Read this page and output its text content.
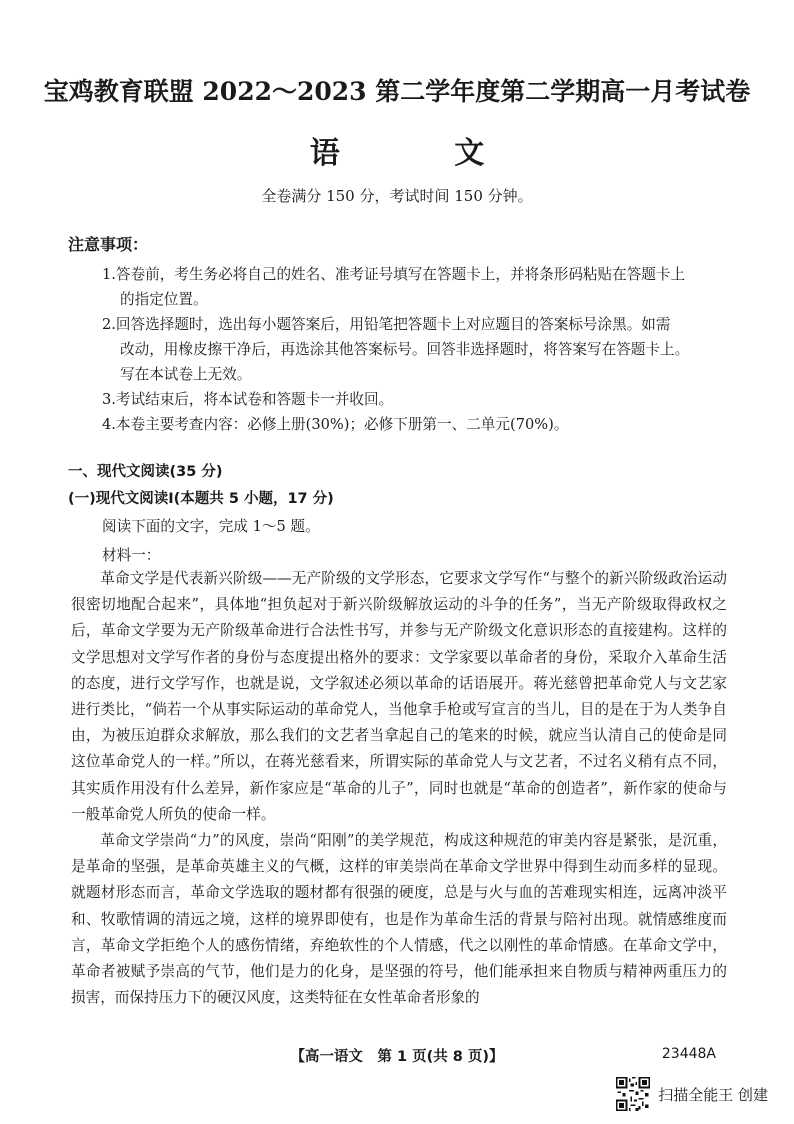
宝鸡教育联盟 2022～2023 第二学年度第二学期高一月考试卷
语 文
全卷满分 150 分，考试时间 150 分钟。
注意事项：
1.答卷前，考生务必将自己的姓名、准考证号填写在答题卡上，并将条形码粘贴在答题卡上
的指定位置。
2.回答选择题时，选出每小题答案后，用铅笔把答题卡上对应题目的答案标号涂黑。如需
改动，用橡皮擦干净后，再选涂其他答案标号。回答非选择题时，将答案写在答题卡上。
写在本试卷上无效。
3.考试结束后，将本试卷和答题卡一并收回。
4.本卷主要考查内容：必修上册(30%)；必修下册第一、二单元(70%)。
一、现代文阅读(35 分)
(一)现代文阅读Ⅰ(本题共 5 小题，17 分)
阅读下面的文字，完成 1～5 题。
材料一：

革命文学是代表新兴阶级——无产阶级的文学形态，它要求文学写作“与整个的新兴阶级政治运动很密切地配合起来”，具体地“担负起对于新兴阶级解放运动的斗争的任务”，当无产阶级取得政权之后，革命文学要为无产阶级革命进行合法性书写，并参与无产阶级文化意识形态的直接建构。这样的文学思想对文学写作者的身份与态度提出格外的要求：文学家要以革命者的身份，采取介入革命生活的态度，进行文学写作，也就是说，文学叙述必须以革命的话语展开。蒋光慈曾把革命党人与文艺家进行类比，“倘若一个从事实际运动的革命党人，当他拿手枪或写宣言的当儿，目的是在于为人类争自由，为被压迫群众求解放，那么我们的文艺者当拿起自己的笔来的时候，就应当认清自己的使命是同这位革命党人的一样。”所以，在蒋光慈看来，所谓实际的革命党人与文艺者，不过名义稍有点不同，其实质作用没有什么差异，新作家应是“革命的儿子”，同时也就是“革命的创造者”，新作家的使命与一般革命党人所负的使命一样。

革命文学崇尚“力”的风度，崇尚“阳刚”的美学规范，构成这种规范的审美内容是紧张，是沉重，是革命的坚强，是革命英雄主义的气概，这样的审美崇尚在革命文学世界中得到生动而多样的显现。就题材形态而言，革命文学选取的题材都有很强的硬度，总是与火与血的苦难现实相连，远离冲淡平和、牧歌情调的清远之境，这样的境界即使有，也是作为革命生活的背景与陪衬出现。就情感维度而言，革命文学拒绝个人的感伤情绪，弃绝软性的个人情感，代之以刚性的革命情感。在革命文学中，革命者被赋予崇高的气节，他们是力的化身，是坚强的符号，他们能承担来自物质与精神两重压力的损害，而保持压力下的硬汉风度，这类特征在女性革命者形象的

【高一语文　第 1 页(共 8 页)】	23448A
扫描全能王 创建
